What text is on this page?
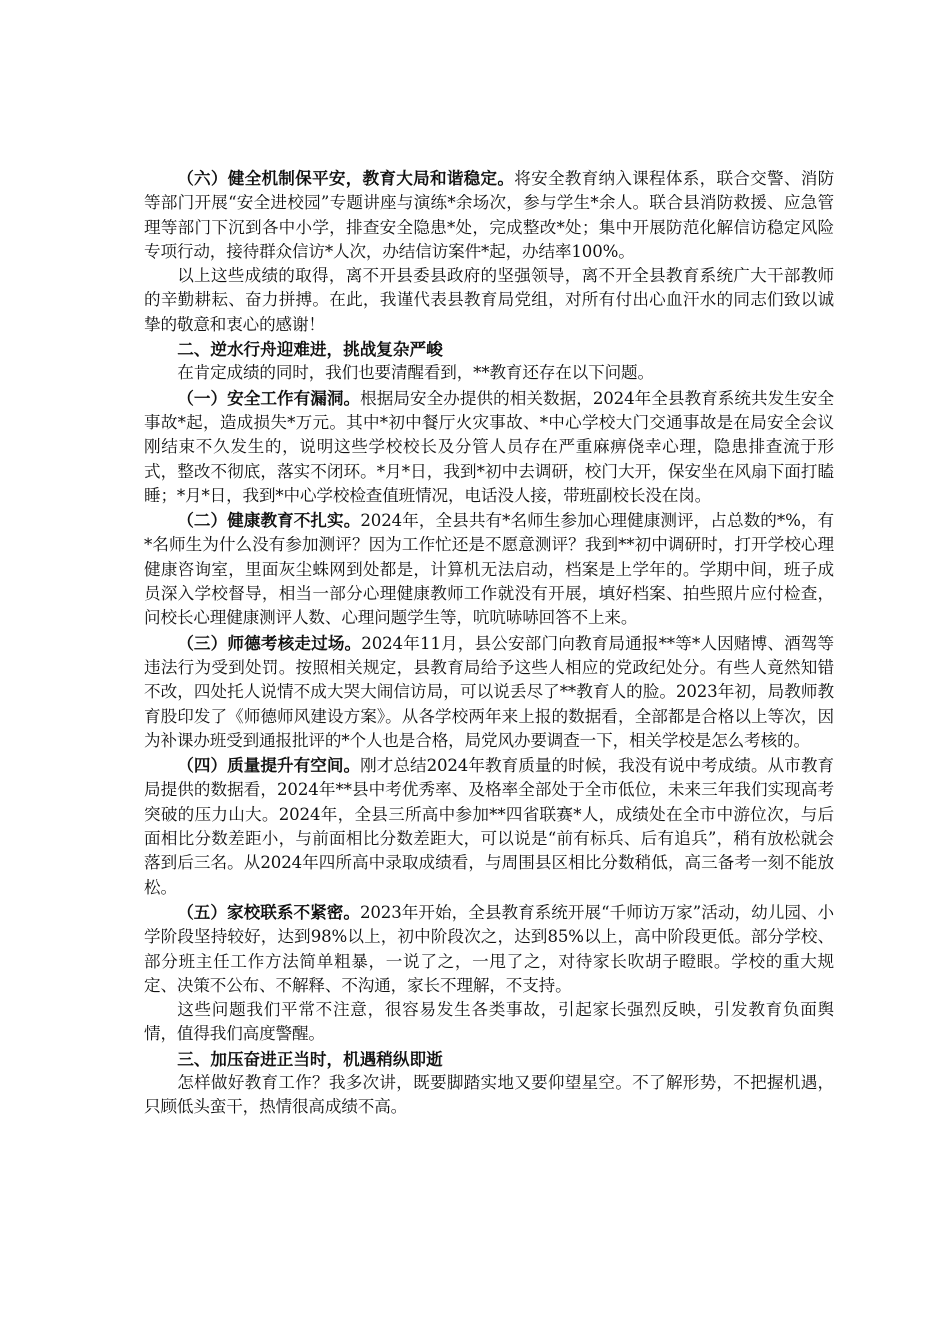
（六）健全机制保平安，教育大局和谐稳定。将安全教育纳入课程体系，联合交警、消防等部门开展“安全进校园”专题讲座与演练*余场次，参与学生*余人。联合县消防救援、应急管理等部门下沉到各中小学，排查安全隐患*处，完成整改*处；集中开展防范化解信访稳定风险专项行动，接待群众信访*人次，办结信访案件*起，办结率100%。

以上这些成绩的取得，离不开县委县政府的坚强领导，离不开全县教育系统广大干部教师的辛勤耕耘、奋力拼搏。在此，我谨代表县教育局党组，对所有付出心血汗水的同志们致以诚挚的敬意和衷心的感谢！

二、逆水行舟迎难进，挑战复杂严峻

在肯定成绩的同时，我们也要清醒看到，**教育还存在以下问题。

（一）安全工作有漏洞。根据局安全办提供的相关数据，2024年全县教育系统共发生安全事故*起，造成损失*万元。其中*初中餐厅火灾事故、*中心学校大门交通事故是在局安全会议刚结束不久发生的，说明这些学校校长及分管人员存在严重麻痹侥幸心理，隐患排查流于形式，整改不彻底，落实不闭环。*月*日，我到*初中去调研，校门大开，保安坐在风扇下面打瞌睡；*月*日，我到*中心学校检查值班情况，电话没人接，带班副校长没在岗。

（二）健康教育不扎实。2024年，全县共有*名师生参加心理健康测评，占总数的*%，有*名师生为什么没有参加测评？因为工作忙还是不愿意测评？我到**初中调研时，打开学校心理健康咨询室，里面灰尘蛛网到处都是，计算机无法启动，档案是上学年的。学期中间，班子成员深入学校督导，相当一部分心理健康教师工作就没有开展，填好档案、拍些照片应付检查，问校长心理健康测评人数、心理问题学生等，吭吭哧哧回答不上来。

（三）师德考核走过场。2024年11月，县公安部门向教育局通报**等*人因赌博、酒驾等违法行为受到处罚。按照相关规定，县教育局给予这些人相应的党政纪处分。有些人竟然知错不改，四处托人说情不成大哭大闹信访局，可以说丢尽了**教育人的脸。2023年初，局教师教育股印发了《师德师风建设方案》。从各学校两年来上报的数据看，全部都是合格以上等次，因为补课办班受到通报批评的*个人也是合格，局党风办要调查一下，相关学校是怎么考核的。

（四）质量提升有空间。刚才总结2024年教育质量的时候，我没有说中考成绩。从市教育局提供的数据看，2024年**县中考优秀率、及格率全部处于全市低位，未来三年我们实现高考突破的压力山大。2024年，全县三所高中参加**四省联赛*人，成绩处在全市中游位次，与后面相比分数差距小，与前面相比分数差距大，可以说是“前有标兵、后有追兵”，稍有放松就会落到后三名。从2024年四所高中录取成绩看，与周围县区相比分数稍低，高三备考一刻不能放松。

（五）家校联系不紧密。2023年开始，全县教育系统开展“千师访万家”活动，幼儿园、小学阶段坚持较好，达到98%以上，初中阶段次之，达到85%以上，高中阶段更低。部分学校、部分班主任工作方法简单粗暴，一说了之，一甩了之，对待家长吹胡子瞪眼。学校的重大规定、决策不公布、不解释、不沟通，家长不理解，不支持。

这些问题我们平常不注意，很容易发生各类事故，引起家长强烈反映，引发教育负面舆情，值得我们高度警醒。

三、加压奋进正当时，机遇稍纵即逝

怎样做好教育工作？我多次讲，既要脚踏实地又要仰望星空。不了解形势，不把握机遇，只顾低头蛮干，热情很高成绩不高。
